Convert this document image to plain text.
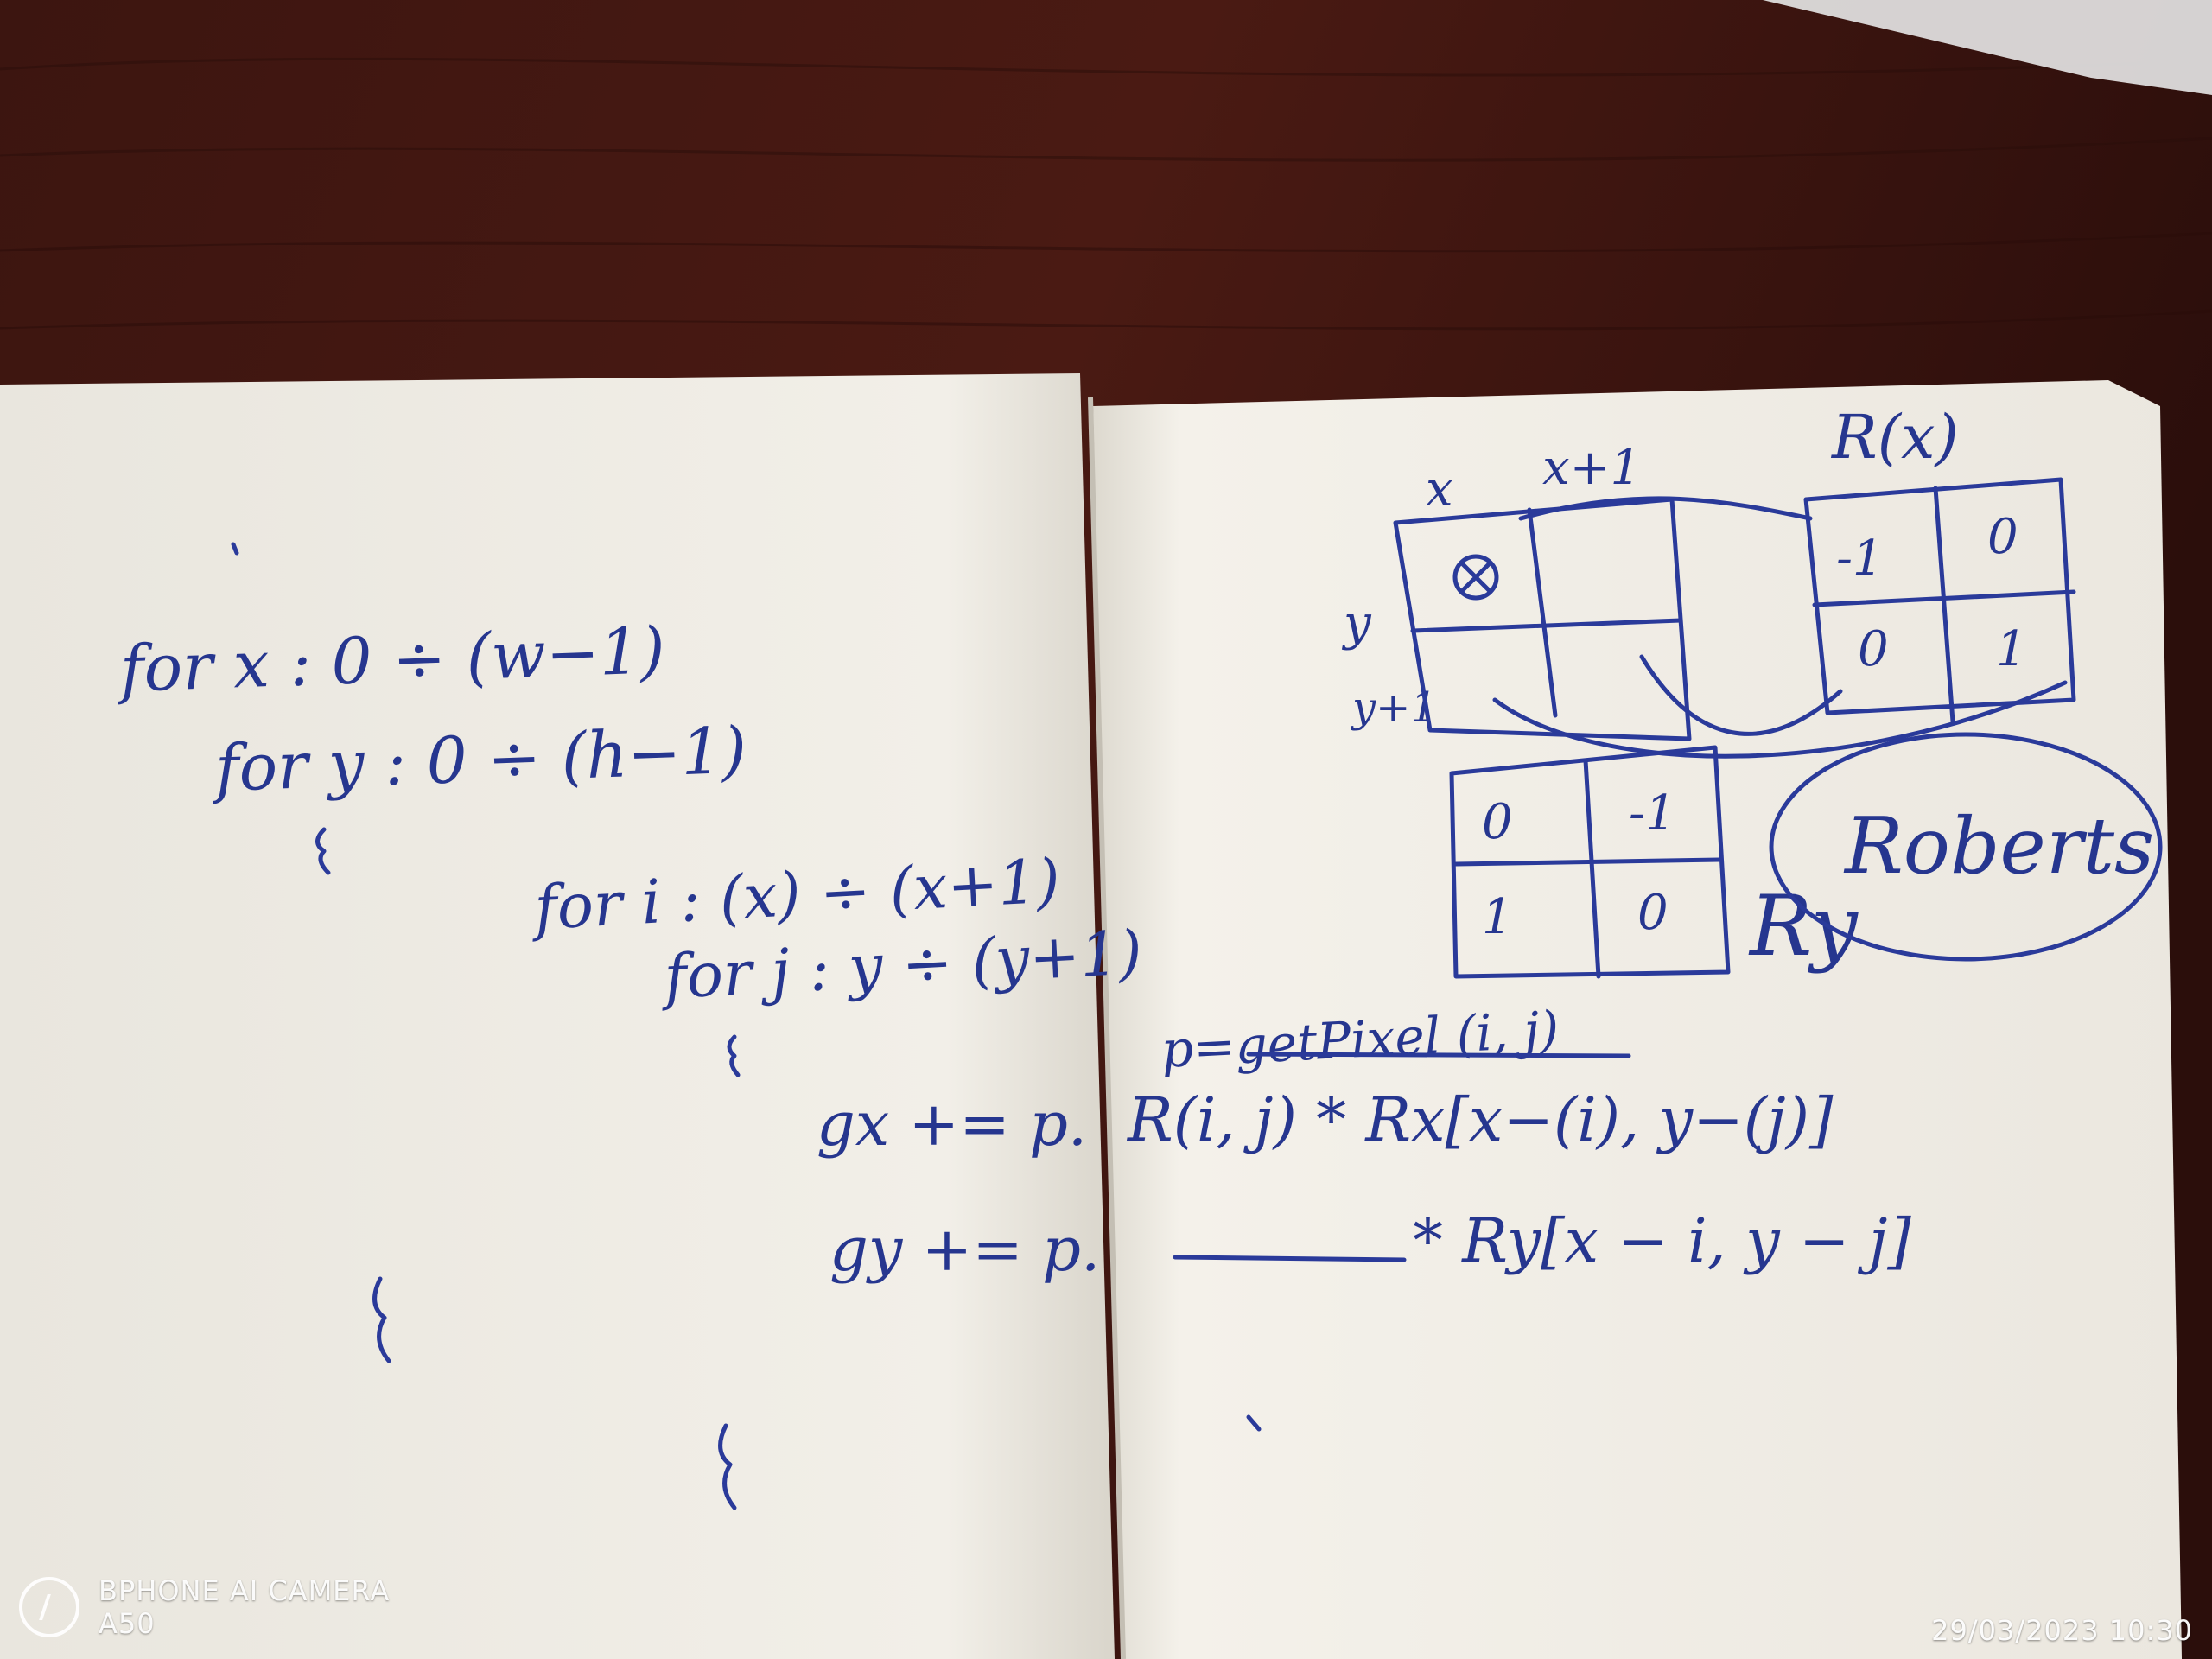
for x : 0 ÷ (w−1)
for y : 0 ÷ (h−1)
for i : (x) ÷ (x+1)
for j : y ÷ (y+1)
gx += p.
gy += p.
x x+1
y
y+1
R(x)
-1 0
0 1
0 -1
1	0 Ry
Roberts
p=getPixel (i, j)
R(i, j) * Rx[x−(i), y−(j)]
* Ry[x − i, y − j]
BPHONE AI CAMERA
A50	29/03/2023 10:30
